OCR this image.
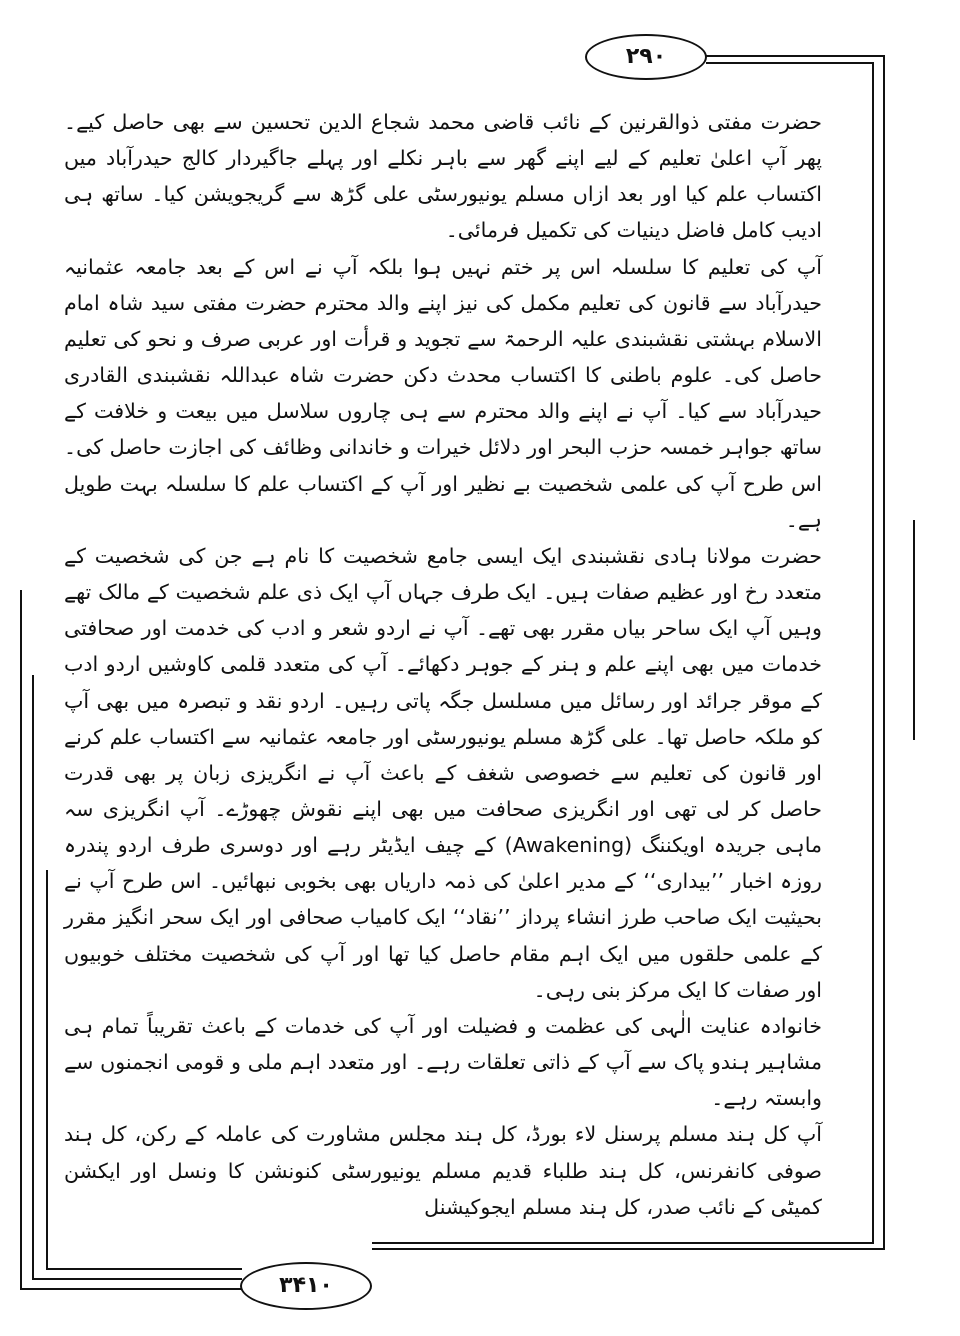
۲۹۰
۳۴۱۰

حضرت مفتی ذوالقرنین کے نائب قاضی محمد شجاع الدین تحسین سے بھی حاصل کیے۔ پھر آپ اعلیٰ تعلیم کے لیے اپنے گھر سے باہر نکلے اور پہلے جاگیردار کالج حیدرآباد میں اکتساب علم کیا اور بعد ازاں مسلم یونیورسٹی علی گڑھ سے گریجویشن کیا۔ ساتھ ہی ادیب کامل فاضل دینیات کی تکمیل فرمائی۔

آپ کی تعلیم کا سلسلہ اس پر ختم نہیں ہوا بلکہ آپ نے اس کے بعد جامعہ عثمانیہ حیدرآباد سے قانون کی تعلیم مکمل کی نیز اپنے والد محترم حضرت مفتی سید شاہ امام الاسلام بہشتی نقشبندی علیہ الرحمۃ سے تجوید و قرأت اور عربی صرف و نحو کی تعلیم حاصل کی۔ علوم باطنی کا اکتساب محدث دکن حضرت شاہ عبداللہ نقشبندی القادری حیدرآباد سے کیا۔ آپ نے اپنے والد محترم سے ہی چاروں سلاسل میں بیعت و خلافت کے ساتھ جواہر خمسہ حزب البحر اور دلائل خیرات و خاندانی وظائف کی اجازت حاصل کی۔ اس طرح آپ کی علمی شخصیت بے نظیر اور آپ کے اکتساب علم کا سلسلہ بہت طویل ہے۔

حضرت مولانا ہادی نقشبندی ایک ایسی جامع شخصیت کا نام ہے جن کی شخصیت کے متعدد رخ اور عظیم صفات ہیں۔ ایک طرف جہاں آپ ایک ذی علم شخصیت کے مالک تھے وہیں آپ ایک ساحر بیاں مقرر بھی تھے۔ آپ نے اردو شعر و ادب کی خدمت اور صحافتی خدمات میں بھی اپنے علم و ہنر کے جوہر دکھائے۔ آپ کی متعدد قلمی کاوشیں اردو ادب کے موقر جرائد اور رسائل میں مسلسل جگہ پاتی رہیں۔ اردو نقد و تبصرہ میں بھی آپ کو ملکہ حاصل تھا۔ علی گڑھ مسلم یونیورسٹی اور جامعہ عثمانیہ سے اکتساب علم کرنے اور قانون کی تعلیم سے خصوصی شغف کے باعث آپ نے انگریزی زبان پر بھی قدرت حاصل کر لی تھی اور انگریزی صحافت میں بھی اپنے نقوش چھوڑے۔ آپ انگریزی سہ ماہی جریدہ اویکننگ (Awakening) کے چیف ایڈیٹر رہے اور دوسری طرف اردو پندرہ روزہ اخبار ’’بیداری‘‘ کے مدیر اعلیٰ کی ذمہ داریاں بھی بخوبی نبھائیں۔ اس طرح آپ نے بحیثیت ایک صاحب طرز انشاء پرداز ’’نقاد‘‘ ایک کامیاب صحافی اور ایک سحر انگیز مقرر کے علمی حلقوں میں ایک اہم مقام حاصل کیا تھا اور آپ کی شخصیت مختلف خوبیوں اور صفات کا ایک مرکز بنی رہی۔

خانوادہ عنایت الٰہی کی عظمت و فضیلت اور آپ کی خدمات کے باعث تقریباً تمام ہی مشاہیر ہندو پاک سے آپ کے ذاتی تعلقات رہے۔ اور متعدد اہم ملی و قومی انجمنوں سے وابستہ رہے۔

آپ کل ہند مسلم پرسنل لاء بورڈ، کل ہند مجلس مشاورت کی عاملہ کے رکن، کل ہند صوفی کانفرنس، کل ہند طلباء قدیم مسلم یونیورسٹی کنونشن کا ونسل اور ایکشن کمیٹی کے نائب صدر، کل ہند مسلم ایجوکیشنل
